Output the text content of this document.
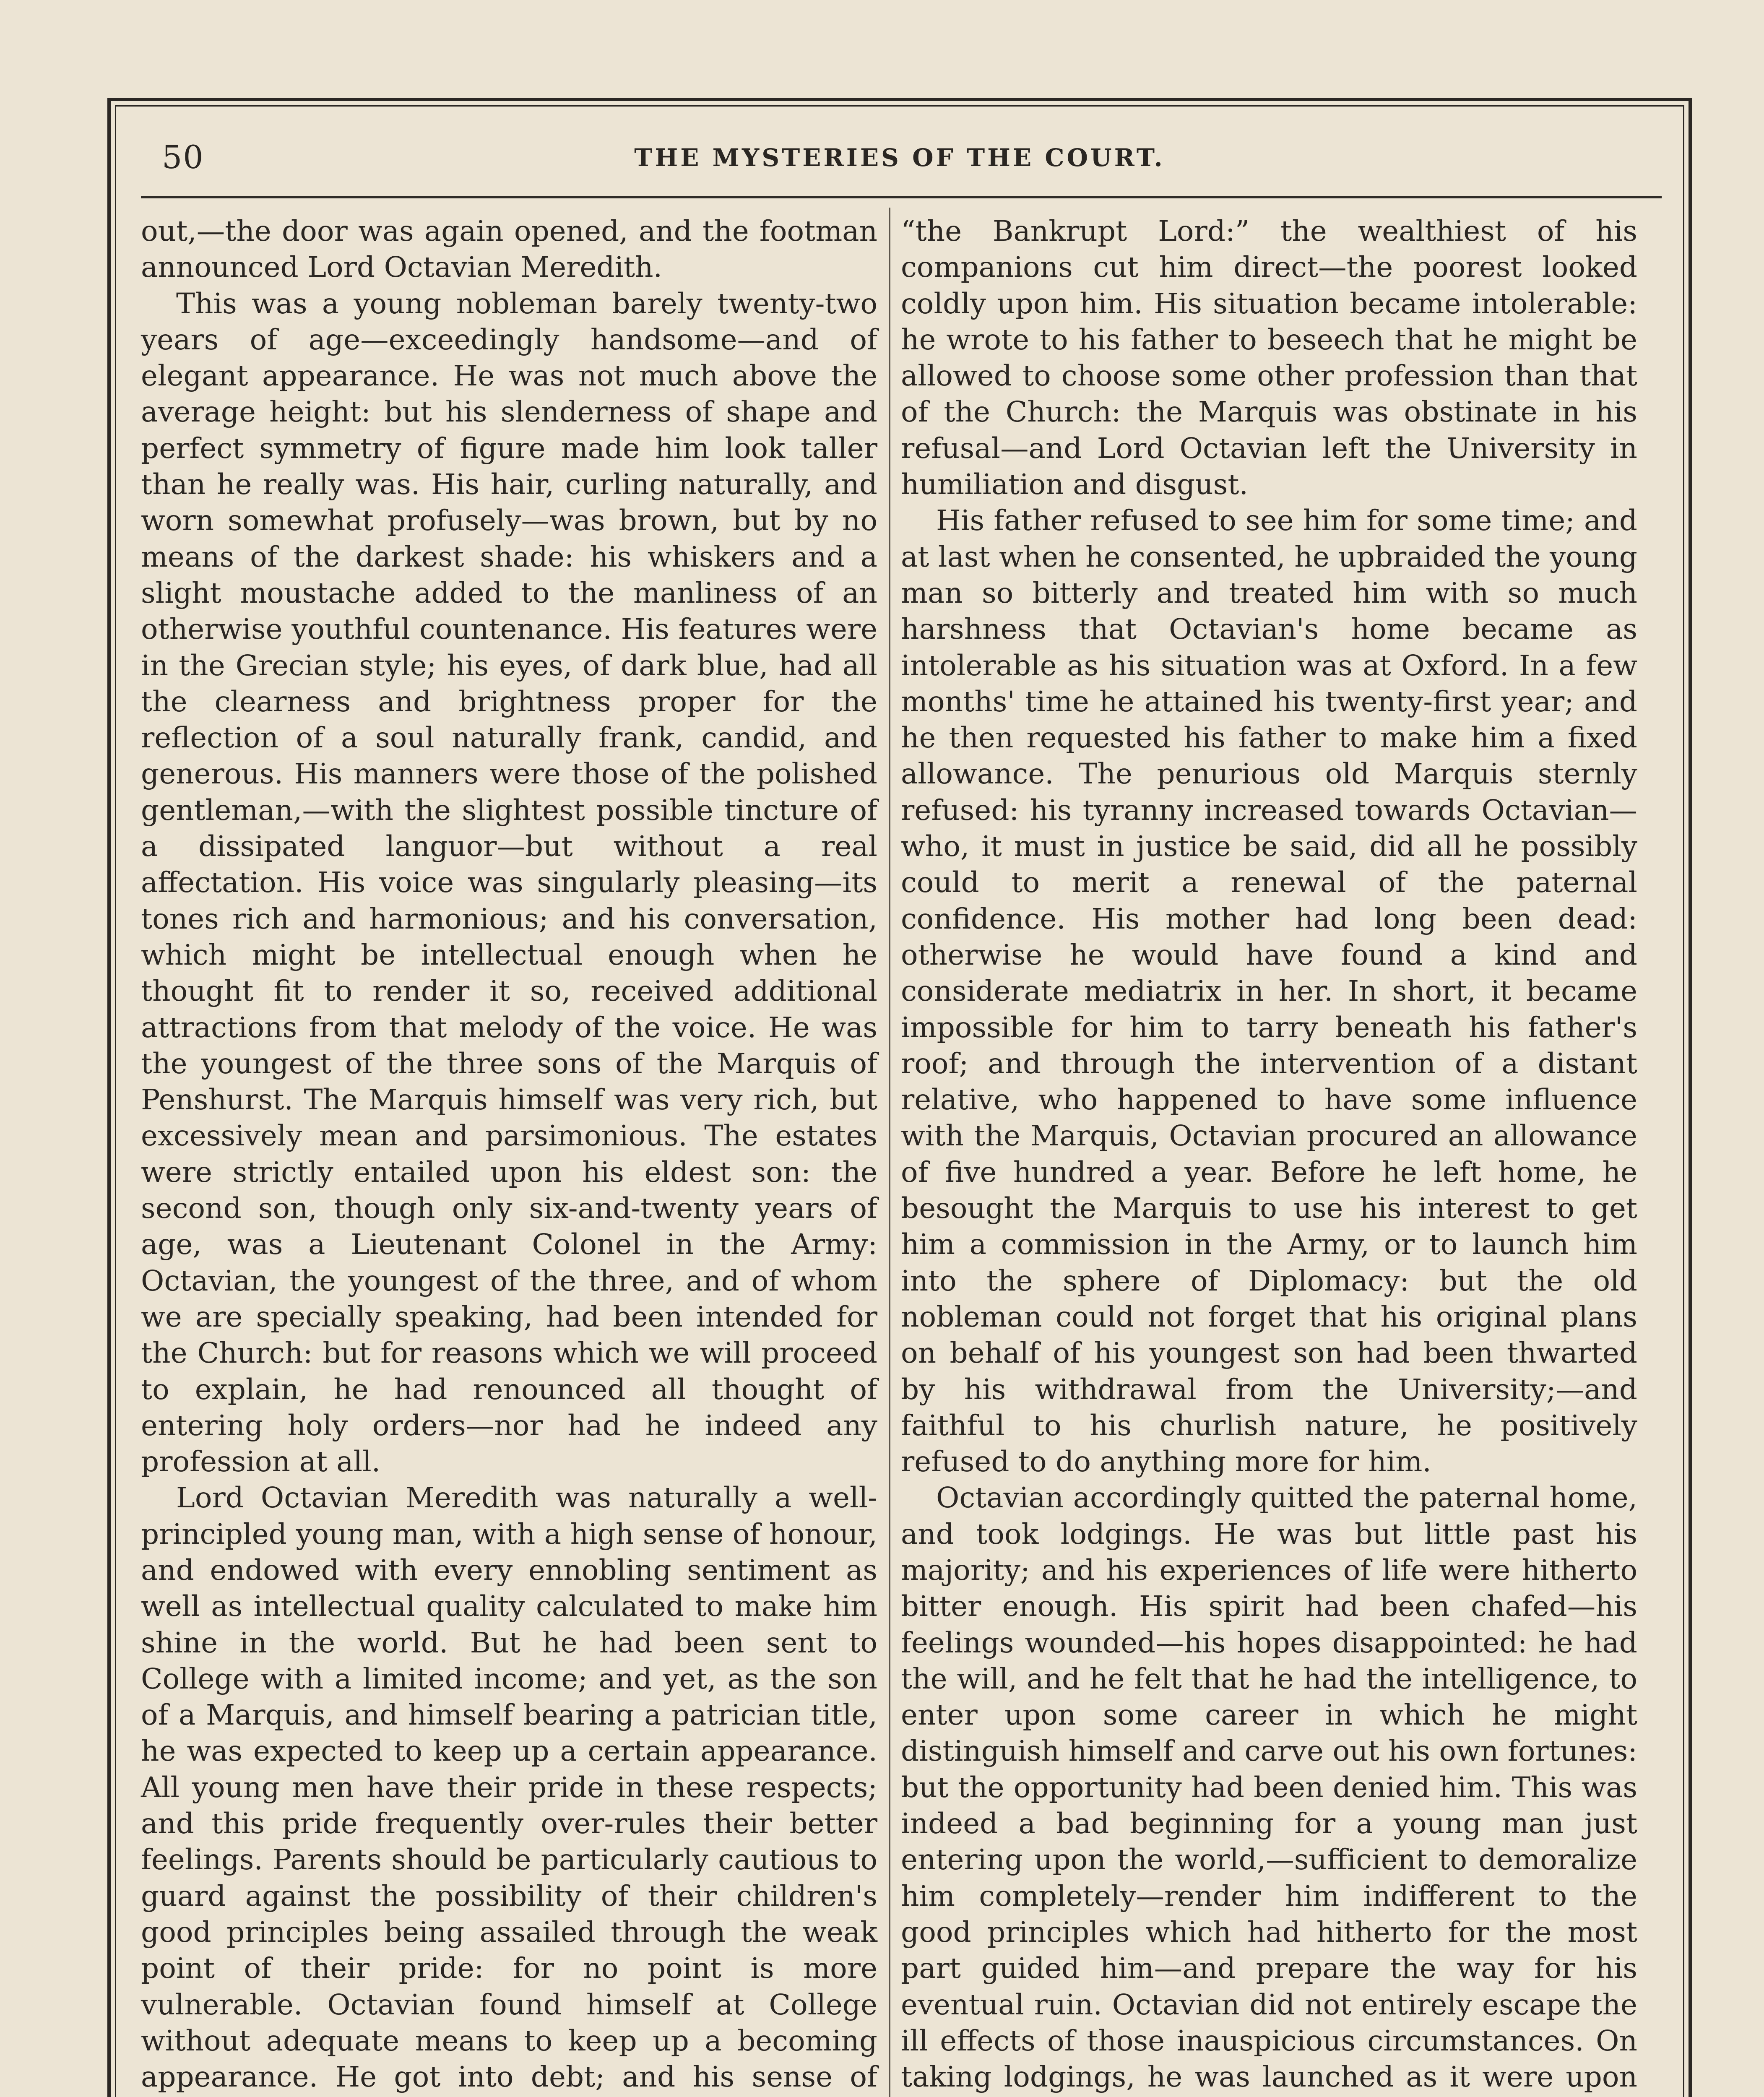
50	THE MYSTERIES OF THE COURT.

out,—the door was again opened, and the footman announced Lord Octavian Meredith.

This was a young nobleman barely twenty-two years of age—exceedingly handsome—and of elegant appearance. He was not much above the average height: but his slenderness of shape and perfect symmetry of figure made him look taller than he really was. His hair, curling naturally, and worn somewhat profusely—was brown, but by no means of the darkest shade: his whiskers and a slight moustache added to the manliness of an otherwise youthful countenance. His features were in the Grecian style; his eyes, of dark blue, had all the clearness and brightness proper for the reflection of a soul naturally frank, candid, and generous. His manners were those of the polished gentleman,—with the slightest possible tincture of a dissipated languor—but without a real affectation. His voice was singularly pleasing—its tones rich and harmonious; and his conversation, which might be intellectual enough when he thought fit to render it so, received additional attractions from that melody of the voice. He was the youngest of the three sons of the Marquis of Penshurst. The Marquis himself was very rich, but excessively mean and parsimonious. The estates were strictly entailed upon his eldest son: the second son, though only six-and-twenty years of age, was a Lieutenant Colonel in the Army: Octavian, the youngest of the three, and of whom we are specially speaking, had been intended for the Church: but for reasons which we will proceed to explain, he had renounced all thought of entering holy orders—nor had he indeed any profession at all.

Lord Octavian Meredith was naturally a well-principled young man, with a high sense of honour, and endowed with every ennobling sentiment as well as intellectual quality calculated to make him shine in the world. But he had been sent to College with a limited income; and yet, as the son of a Marquis, and himself bearing a patrician title, he was expected to keep up a certain appearance. All young men have their pride in these respects; and this pride frequently over-rules their better feelings. Parents should be particularly cautious to guard against the possibility of their children's good principles being assailed through the weak point of their pride: for no point is more vulnerable. Octavian found himself at College without adequate means to keep up a becoming appearance. He got into debt; and his sense of

“the Bankrupt Lord:” the wealthiest of his companions cut him direct—the poorest looked coldly upon him. His situation became intolerable: he wrote to his father to beseech that he might be allowed to choose some other profession than that of the Church: the Marquis was obstinate in his refusal—and Lord Octavian left the University in humiliation and disgust.

His father refused to see him for some time; and at last when he consented, he upbraided the young man so bitterly and treated him with so much harshness that Octavian's home became as intolerable as his situation was at Oxford. In a few months' time he attained his twenty-first year; and he then requested his father to make him a fixed allowance. The penurious old Marquis sternly refused: his tyranny increased towards Octavian—who, it must in justice be said, did all he possibly could to merit a renewal of the paternal confidence. His mother had long been dead: otherwise he would have found a kind and considerate mediatrix in her. In short, it became impossible for him to tarry beneath his father's roof; and through the intervention of a distant relative, who happened to have some influence with the Marquis, Octavian procured an allowance of five hundred a year. Before he left home, he besought the Marquis to use his interest to get him a commission in the Army, or to launch him into the sphere of Diplomacy: but the old nobleman could not forget that his original plans on behalf of his youngest son had been thwarted by his withdrawal from the University;—and faithful to his churlish nature, he positively refused to do anything more for him.

Octavian accordingly quitted the paternal home, and took lodgings. He was but little past his majority; and his experiences of life were hitherto bitter enough. His spirit had been chafed—his feelings wounded—his hopes disappointed: he had the will, and he felt that he had the intelligence, to enter upon some career in which he might distinguish himself and carve out his own fortunes: but the opportunity had been denied him. This was indeed a bad beginning for a young man just entering upon the world,—sufficient to demoralize him completely—render him indifferent to the good principles which had hitherto for the most part guided him—and prepare the way for his eventual ruin. Octavian did not entirely escape the ill effects of those inauspicious circumstances. On taking lodgings, he was launched as it were upon
